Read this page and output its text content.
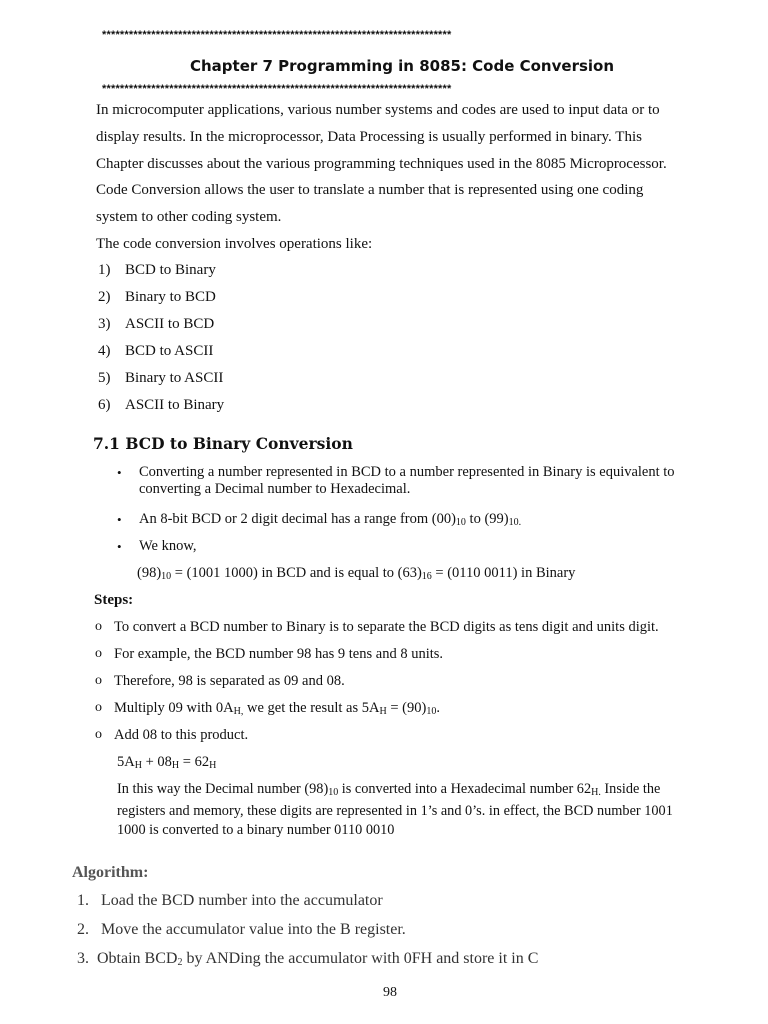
******************************************************************************
Chapter 7 Programming in 8085: Code Conversion
******************************************************************************
In microcomputer applications, various number systems and codes are used to input data or to
display results. In the microprocessor, Data Processing is usually performed in binary. This
Chapter discusses about the various programming techniques used in the 8085 Microprocessor.
Code Conversion allows the user to translate a number that is represented using one coding
system to other coding system.
The code conversion involves operations like:
1) BCD to Binary
2) Binary to BCD
3) ASCII to BCD
4) BCD to ASCII
5) Binary to ASCII
6) ASCII to Binary
7.1 BCD to Binary Conversion
• Converting a number represented in BCD to a number represented in Binary is equivalent to converting a Decimal number to Hexadecimal.
• An 8-bit BCD or 2 digit decimal has a range from $(00)_{10}$ to $(99)_{10.}$
• We know,
$(98)_{10} = (1001$ 1000) in BCD and is equal to $(63)_{16} = (0110$ 0011) in Binary
Steps:
o To convert a BCD number to Binary is to separate the BCD digits as tens digit and units digit.
o For example, the BCD number 98 has 9 tens and 8 units.
o Therefore, 98 is separated as 09 and 08.
o Multiply 09 with $0A_{H,}$ we get the result as $5A_H = (90)_{10}$.
o Add 08 to this product.
$5A_H + 08_H = 62_H$
In this way the Decimal number $(98)_{10}$ is converted into a Hexadecimal number $62_{H.}$ Inside the registers and memory, these digits are represented in 1’s and 0’s. in effect, the BCD number 1001 1000 is converted to a binary number 0110 0010
Algorithm:
1. Load the BCD number into the accumulator
2. Move the accumulator value into the B register.
3. Obtain $BCD_2$ by ANDing the accumulator with 0FH and store it in C
98
